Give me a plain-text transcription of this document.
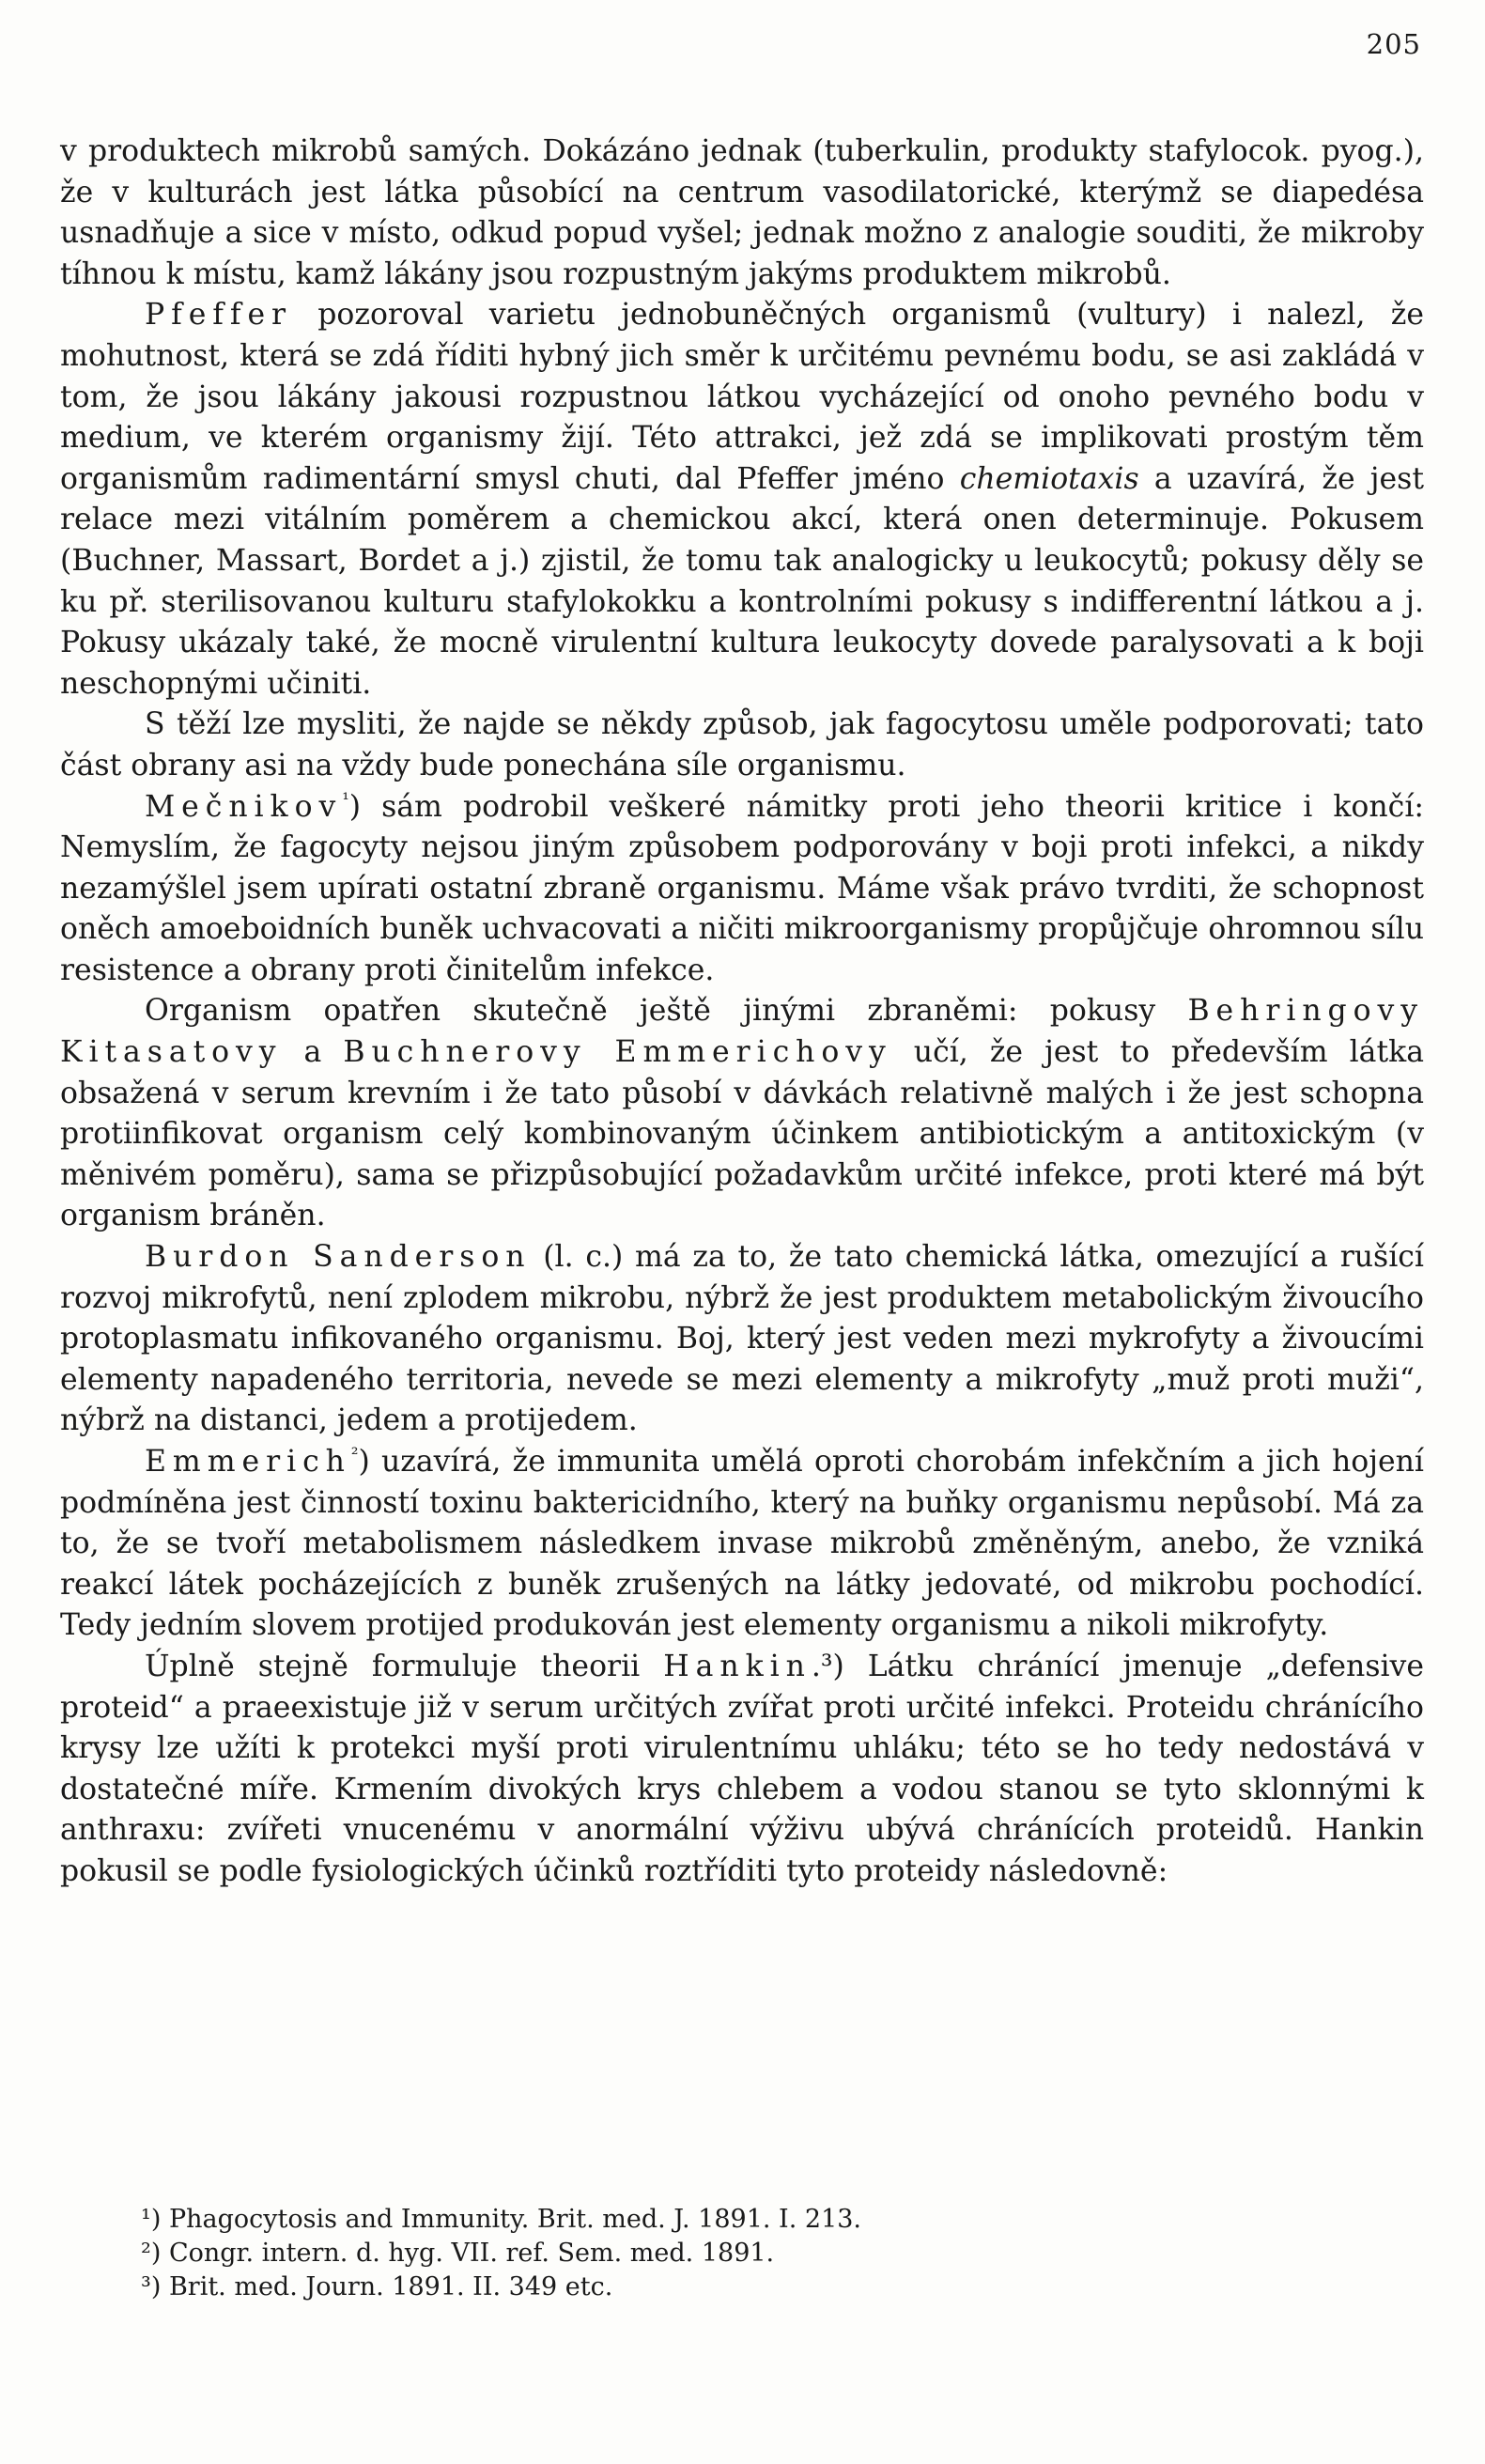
205

v produktech mikrobů samých. Dokázáno jednak (tuberkulin, produkty stafylocok. pyog.), že v kulturách jest látka působící na centrum vasodilatorické, kterýmž se diapedésa usnadňuje a sice v místo, odkud popud vyšel; jednak možno z analogie souditi, že mikroby tíhnou k místu, kamž lákány jsou rozpustným jakýms produktem mikrobů.

Pfeffer pozoroval varietu jednobuněčných organismů (vultury) i nalezl, že mohutnost, která se zdá říditi hybný jich směr k určitému pevnému bodu, se asi zakládá v tom, že jsou lákány jakousi rozpustnou látkou vycházející od onoho pevného bodu v medium, ve kterém organismy žijí. Této attrakci, jež zdá se implikovati prostým těm organismům radimentární smysl chuti, dal Pfeffer jméno chemiotaxis a uzavírá, že jest relace mezi vitálním poměrem a chemickou akcí, která onen determinuje. Pokusem (Buchner, Massart, Bordet a j.) zjistil, že tomu tak analogicky u leukocytů; pokusy děly se ku př. sterilisovanou kulturu stafylokokku a kontrolními pokusy s indifferentní látkou a j. Pokusy ukázaly také, že mocně virulentní kultura leukocyty dovede paralysovati a k boji neschopnými učiniti.

S těží lze mysliti, že najde se někdy způsob, jak fagocytosu uměle podporovati; tato část obrany asi na vždy bude ponechána síle organismu.

Mečnikov$^{^1}$) sám podrobil veškeré námitky proti jeho theorii kritice i končí: Nemyslím, že fagocyty nejsou jiným způsobem podporovány v boji proti infekci, a nikdy nezamýšlel jsem upírati ostatní zbraně organismu. Máme však právo tvrditi, že schopnost oněch amoeboidních buněk uchvacovati a ničiti mikroorganismy propůjčuje ohromnou sílu resistence a obrany proti činitelům infekce.

Organism opatřen skutečně ještě jinými zbraněmi: pokusy Behringovy Kitasatovy a Buchnerovy Emmerichovy učí, že jest to především látka obsažená v serum krevním i že tato působí v dávkách relativně malých i že jest schopna protiinfikovat organism celý kombinovaným účinkem antibiotickým a antitoxickým (v měnivém poměru), sama se přizpůsobující požadavkům určité infekce, proti které má být organism bráněn.

Burdon Sanderson (l. c.) má za to, že tato chemická látka, omezující a rušící rozvoj mikrofytů, není zplodem mikrobu, nýbrž že jest produktem metabolickým živoucího protoplasmatu infikovaného organismu. Boj, který jest veden mezi mykrofyty a živoucími elementy napadeného territoria, nevede se mezi elementy a mikrofyty „muž proti muži“, nýbrž na distanci, jedem a protijedem.

Emmerich$^{^2}$) uzavírá, že immunita umělá oproti chorobám infekčním a jich hojení podmíněna jest činností toxinu baktericidního, který na buňky organismu nepůsobí. Má za to, že se tvoří metabolismem následkem invase mikrobů změněným, anebo, že vzniká reakcí látek pocházejících z buněk zrušených na látky jedovaté, od mikrobu pochodící. Tedy jedním slovem protijed produkován jest elementy organismu a nikoli mikrofyty.

Úplně stejně formuluje theorii Hankin.³) Látku chránící jmenuje „defensive proteid“ a praeexistuje již v serum určitých zvířat proti určité infekci. Proteidu chránícího krysy lze užíti k protekci myší proti virulentnímu uhláku; této se ho tedy nedostává v dostatečné míře. Krmením divokých krys chlebem a vodou stanou se tyto sklonnými k anthraxu: zvířeti vnucenému v anormální výživu ubývá chránících proteidů. Hankin pokusil se podle fysiologických účinků roztříditi tyto proteidy následovně:

¹) Phagocytosis and Immunity. Brit. med. J. 1891. I. 213.
²) Congr. intern. d. hyg. VII. ref. Sem. med. 1891.
³) Brit. med. Journ. 1891. II. 349 etc.
